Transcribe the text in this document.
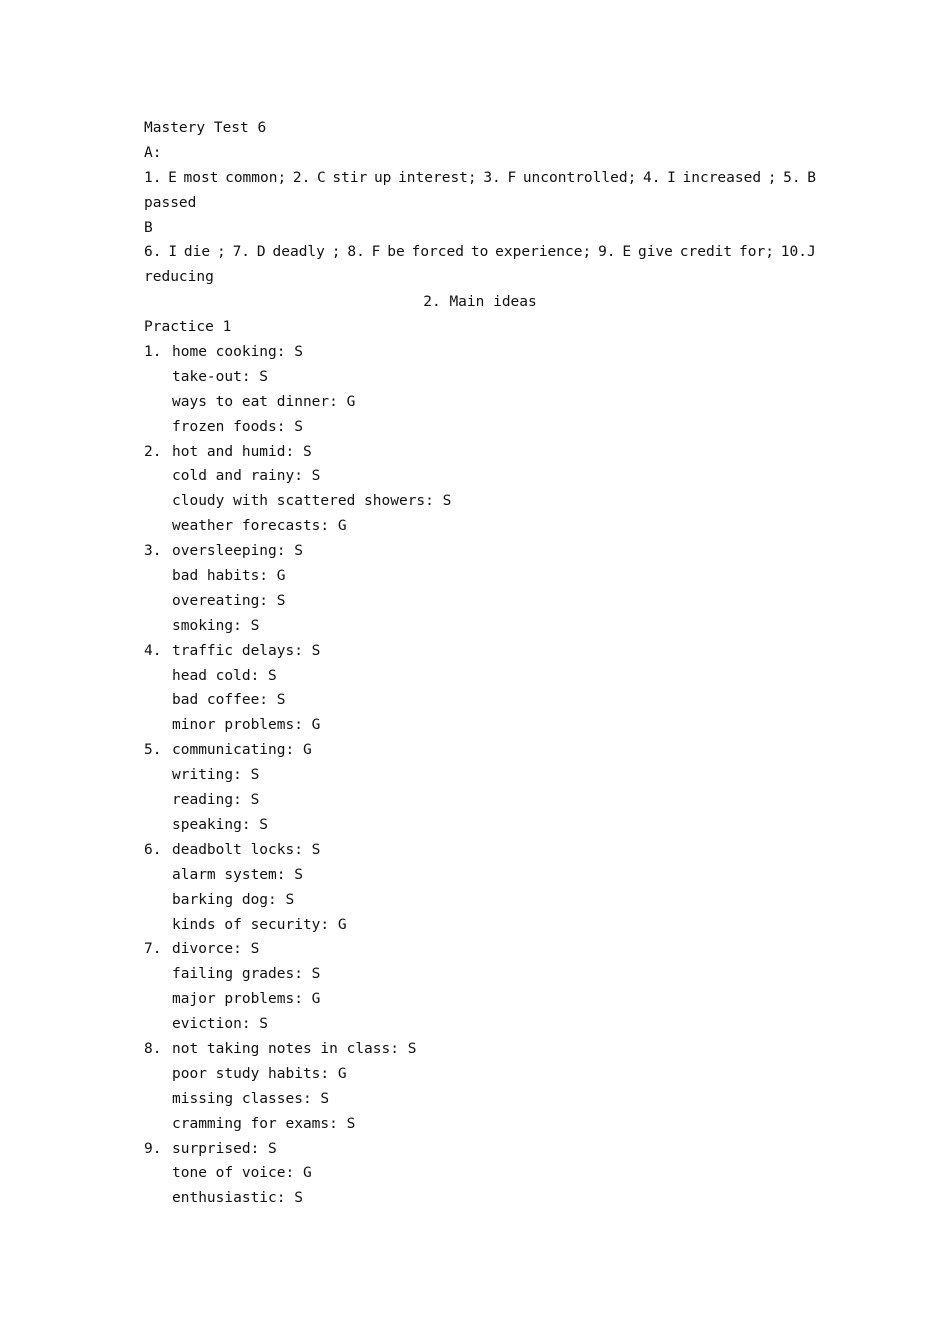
Mastery Test 6
A:
1. E most common; 2. C stir up interest; 3. F uncontrolled; 4. I increased ; 5. B
passed
B
6. I die ; 7. D deadly ; 8. F be forced to experience; 9. E give credit for; 10.J
reducing
2. Main ideas
Practice 1
1. home cooking: S
take-out: S
ways to eat dinner: G
frozen foods: S
2. hot and humid: S
cold and rainy: S
cloudy with scattered showers: S
weather forecasts: G
3. oversleeping: S
bad habits: G
overeating: S
smoking: S
4. traffic delays: S
head cold: S
bad coffee: S
minor problems: G
5. communicating: G
writing: S
reading: S
speaking: S
6. deadbolt locks: S
alarm system: S
barking dog: S
kinds of security: G
7. divorce: S
failing grades: S
major problems: G
eviction: S
8. not taking notes in class: S
poor study habits: G
missing classes: S
cramming for exams: S
9. surprised: S
tone of voice: G
enthusiastic: S
